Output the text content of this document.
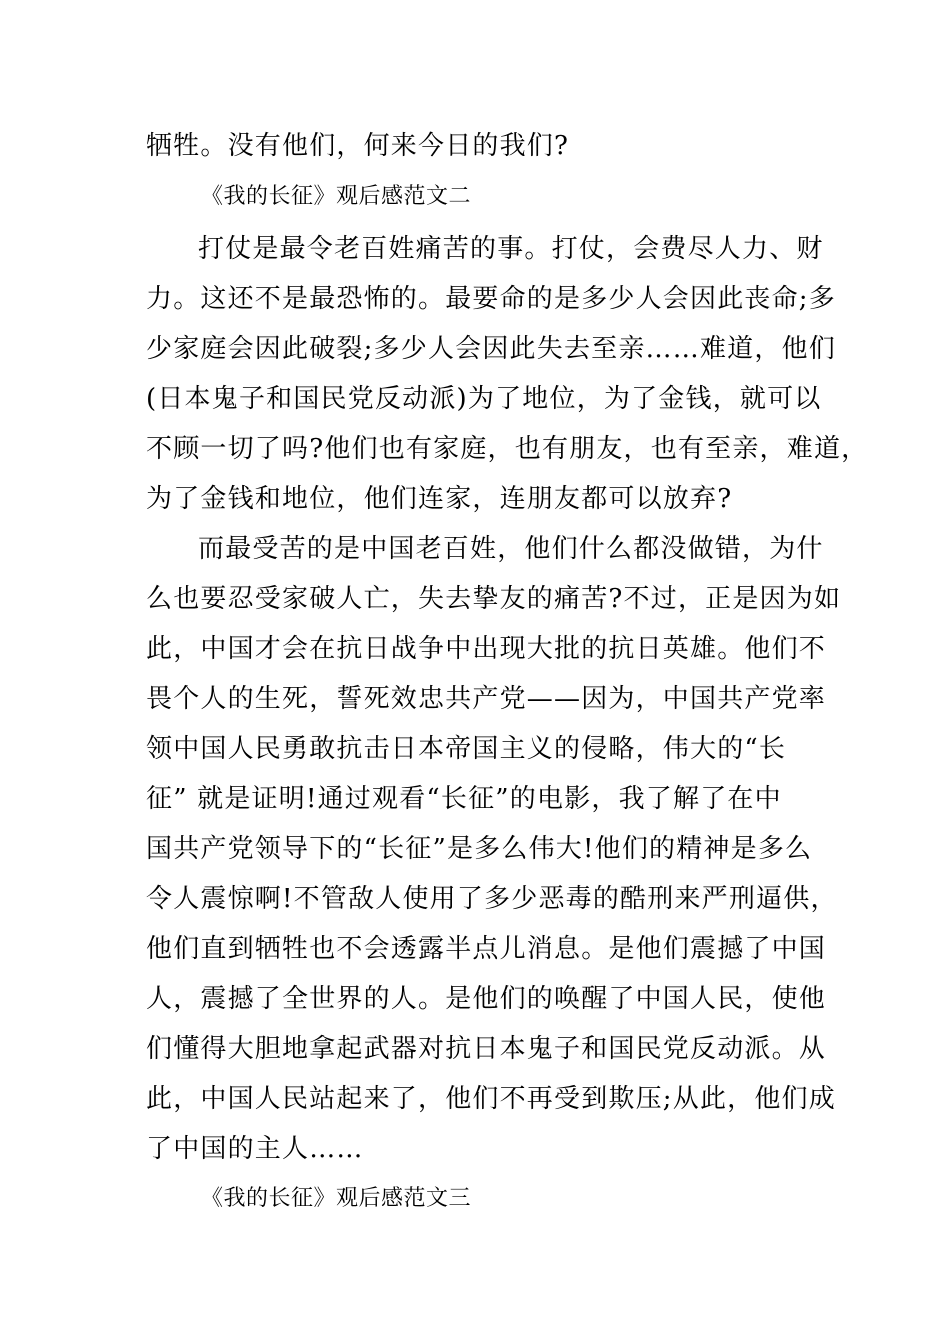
牺牲。没有他们，何来今日的我们?

《我的长征》观后感范文二

打仗是最令老百姓痛苦的事。打仗，会费尽人力、财

力。这还不是最恐怖的。最要命的是多少人会因此丧命;多

少家庭会因此破裂;多少人会因此失去至亲……难道，他们

(日本鬼子和国民党反动派)为了地位，为了金钱，就可以

不顾一切了吗?他们也有家庭，也有朋友，也有至亲，难道，

为了金钱和地位，他们连家，连朋友都可以放弃?

而最受苦的是中国老百姓，他们什么都没做错，为什

么也要忍受家破人亡，失去挚友的痛苦?不过，正是因为如

此，中国才会在抗日战争中出现大批的抗日英雄。他们不

畏个人的生死，誓死效忠共产党——因为，中国共产党率

领中国人民勇敢抗击日本帝国主义的侵略，伟大的“长

征” 就是证明!通过观看“长征”的电影，我了解了在中

国共产党领导下的“长征”是多么伟大!他们的精神是多么

令人震惊啊!不管敌人使用了多少恶毒的酷刑来严刑逼供，

他们直到牺牲也不会透露半点儿消息。是他们震撼了中国

人，震撼了全世界的人。是他们的唤醒了中国人民，使他

们懂得大胆地拿起武器对抗日本鬼子和国民党反动派。从

此，中国人民站起来了，他们不再受到欺压;从此，他们成

了中国的主人……

《我的长征》观后感范文三
